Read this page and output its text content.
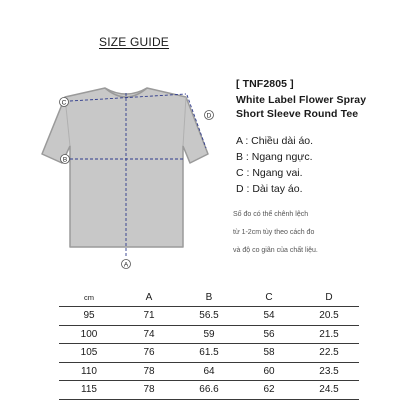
SIZE GUIDE
A
B
C
D
[ TNF2805 ]
White Label Flower Spray
Short Sleeve Round Tee
A : Chiều dài áo.
B : Ngang ngực.
C : Ngang vai.
D : Dài tay áo.
Số đo có thể chênh lệch
từ 1-2cm tùy theo cách đo
và độ co giãn của chất liệu.
cm	A	B	C	D
95	71	56.5	54	20.5
100	74	59	56	21.5
105	76	61.5	58	22.5
110	78	64	60	23.5
115	78	66.6	62	24.5
